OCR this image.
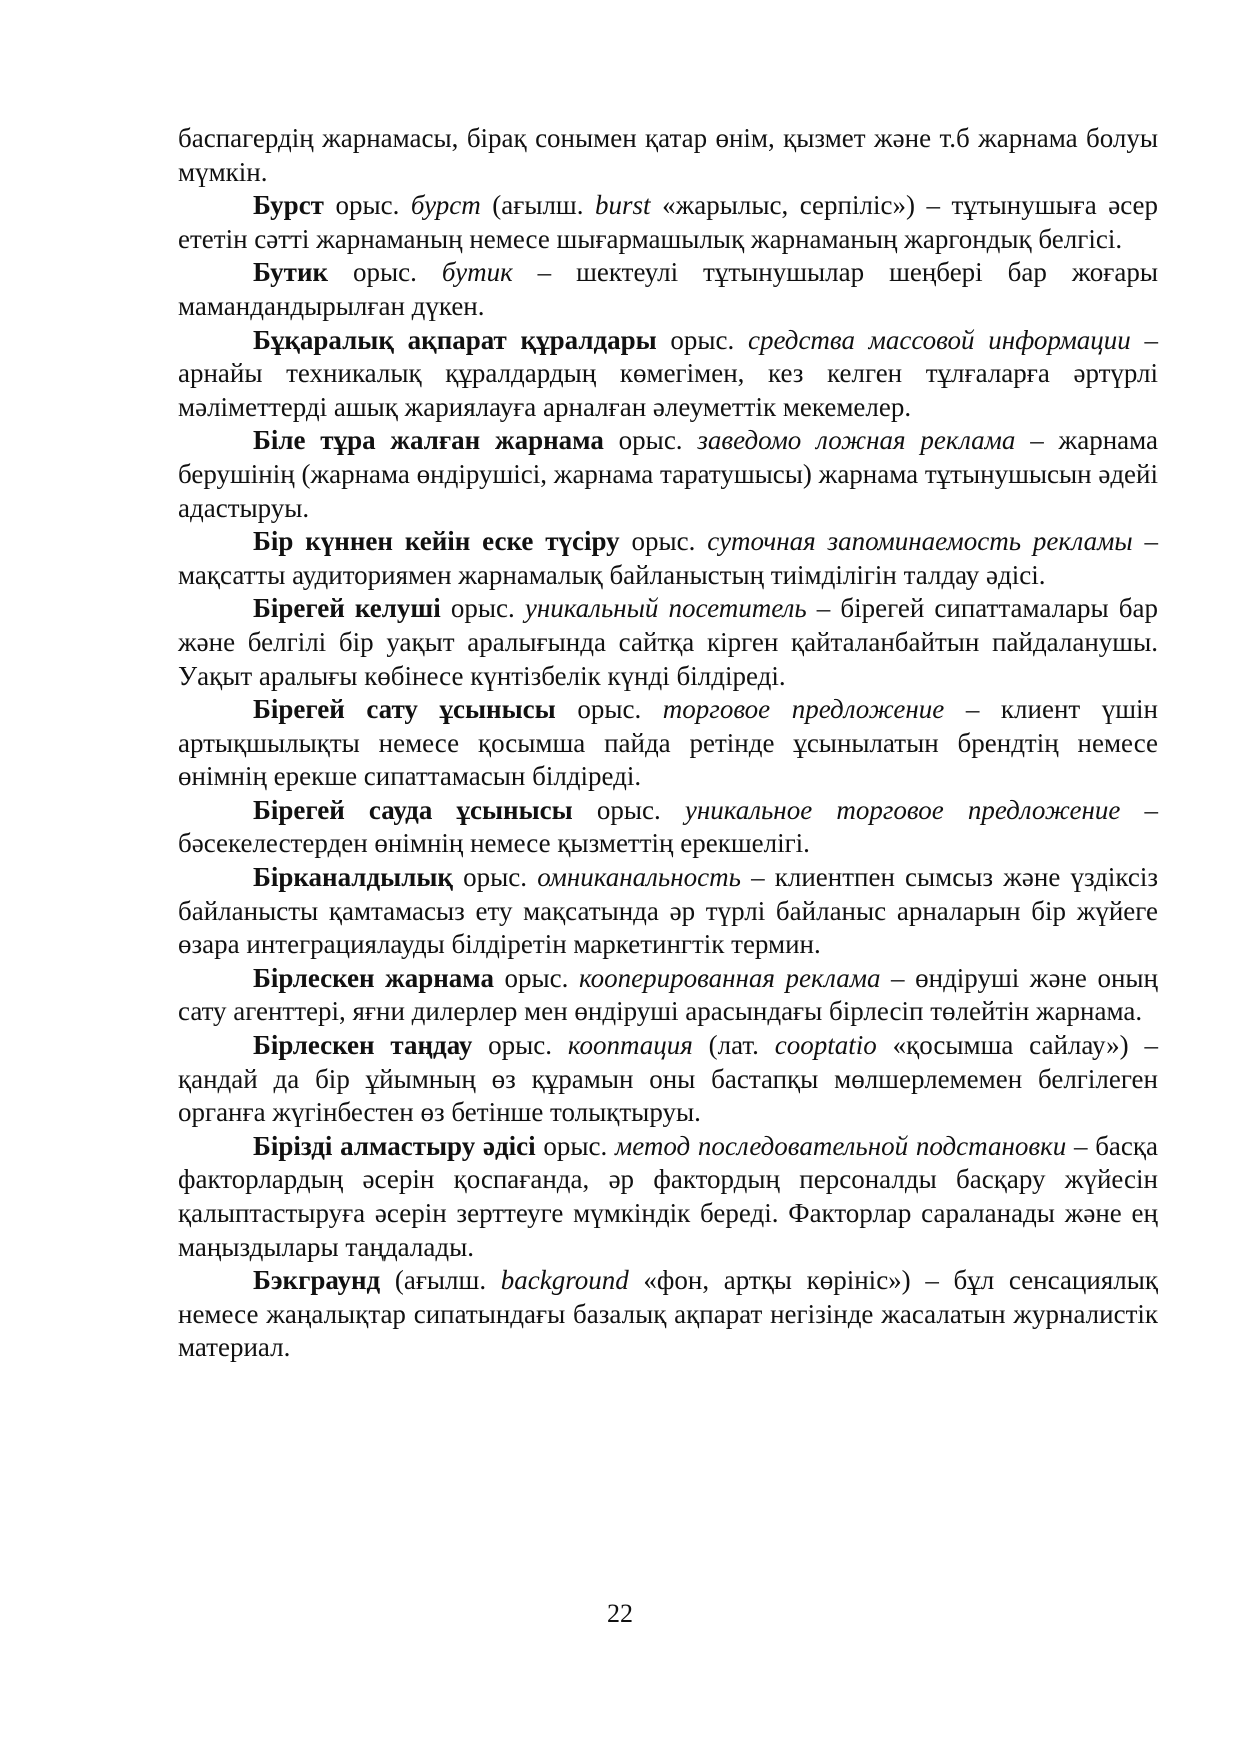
баспагердің жарнамасы, бірақ сонымен қатар өнім, қызмет және т.б жарнама болуы мүмкін.

Бурст орыс. бурст (ағылш. burst «жарылыс, серпіліс») – тұтынушыға әсер ететін сәтті жарнаманың немесе шығармашылық жарнаманың жаргондық белгісі.

Бутик орыс. бутик – шектеулі тұтынушылар шеңбері бар жоғары мамандандырылған дүкен.

Бұқаралық ақпарат құралдары орыс. средства массовой информации – арнайы техникалық құралдардың көмегімен, кез келген тұлғаларға әртүрлі мәліметтерді ашық жариялауға арналған әлеуметтік мекемелер.

Біле тұра жалған жарнама орыс. заведомо ложная реклама – жарнама берушінің (жарнама өндірушісі, жарнама таратушысы) жарнама тұтынушысын әдейі адастыруы.

Бір күннен кейін еске түсіру орыс. суточная запоминаемость рекламы – мақсатты аудиториямен жарнамалық байланыстың тиімділігін талдау әдісі.

Бірегей келуші орыс. уникальный посетитель – бірегей сипаттамалары бар және белгілі бір уақыт аралығында сайтқа кірген қайталанбайтын пайдаланушы. Уақыт аралығы көбінесе күнтізбелік күнді білдіреді.

Бірегей сату ұсынысы орыс. торговое предложение – клиент үшін артықшылықты немесе қосымша пайда ретінде ұсынылатын брендтің немесе өнімнің ерекше сипаттамасын білдіреді.

Бірегей сауда ұсынысы орыс. уникальное торговое предложение – бәсекелестерден өнімнің немесе қызметтің ерекшелігі.

Бірканалдылық орыс. омниканальность – клиентпен сымсыз және үздіксіз байланысты қамтамасыз ету мақсатында әр түрлі байланыс арналарын бір жүйеге өзара интеграциялауды білдіретін маркетингтік термин.

Бірлескен жарнама орыс. кооперированная реклама – өндіруші және оның сату агенттері, яғни дилерлер мен өндіруші арасындағы бірлесіп төлейтін жарнама.

Бірлескен таңдау орыс. кооптация (лат. cooptatio «қосымша сайлау») – қандай да бір ұйымның өз құрамын оны бастапқы мөлшерлемемен белгілеген органға жүгінбестен өз бетінше толықтыруы.

Бірізді алмастыру әдісі орыс. метод последовательной подстановки – басқа факторлардың әсерін қоспағанда, әр фактордың персоналды басқару жүйесін қалыптастыруға әсерін зерттеуге мүмкіндік береді. Факторлар сараланады және ең маңыздылары таңдалады.

Бэкграунд (ағылш. background «фон, артқы көрініс») – бұл сенсациялық немесе жаңалықтар сипатындағы базалық ақпарат негізінде жасалатын журналистік материал.

22
